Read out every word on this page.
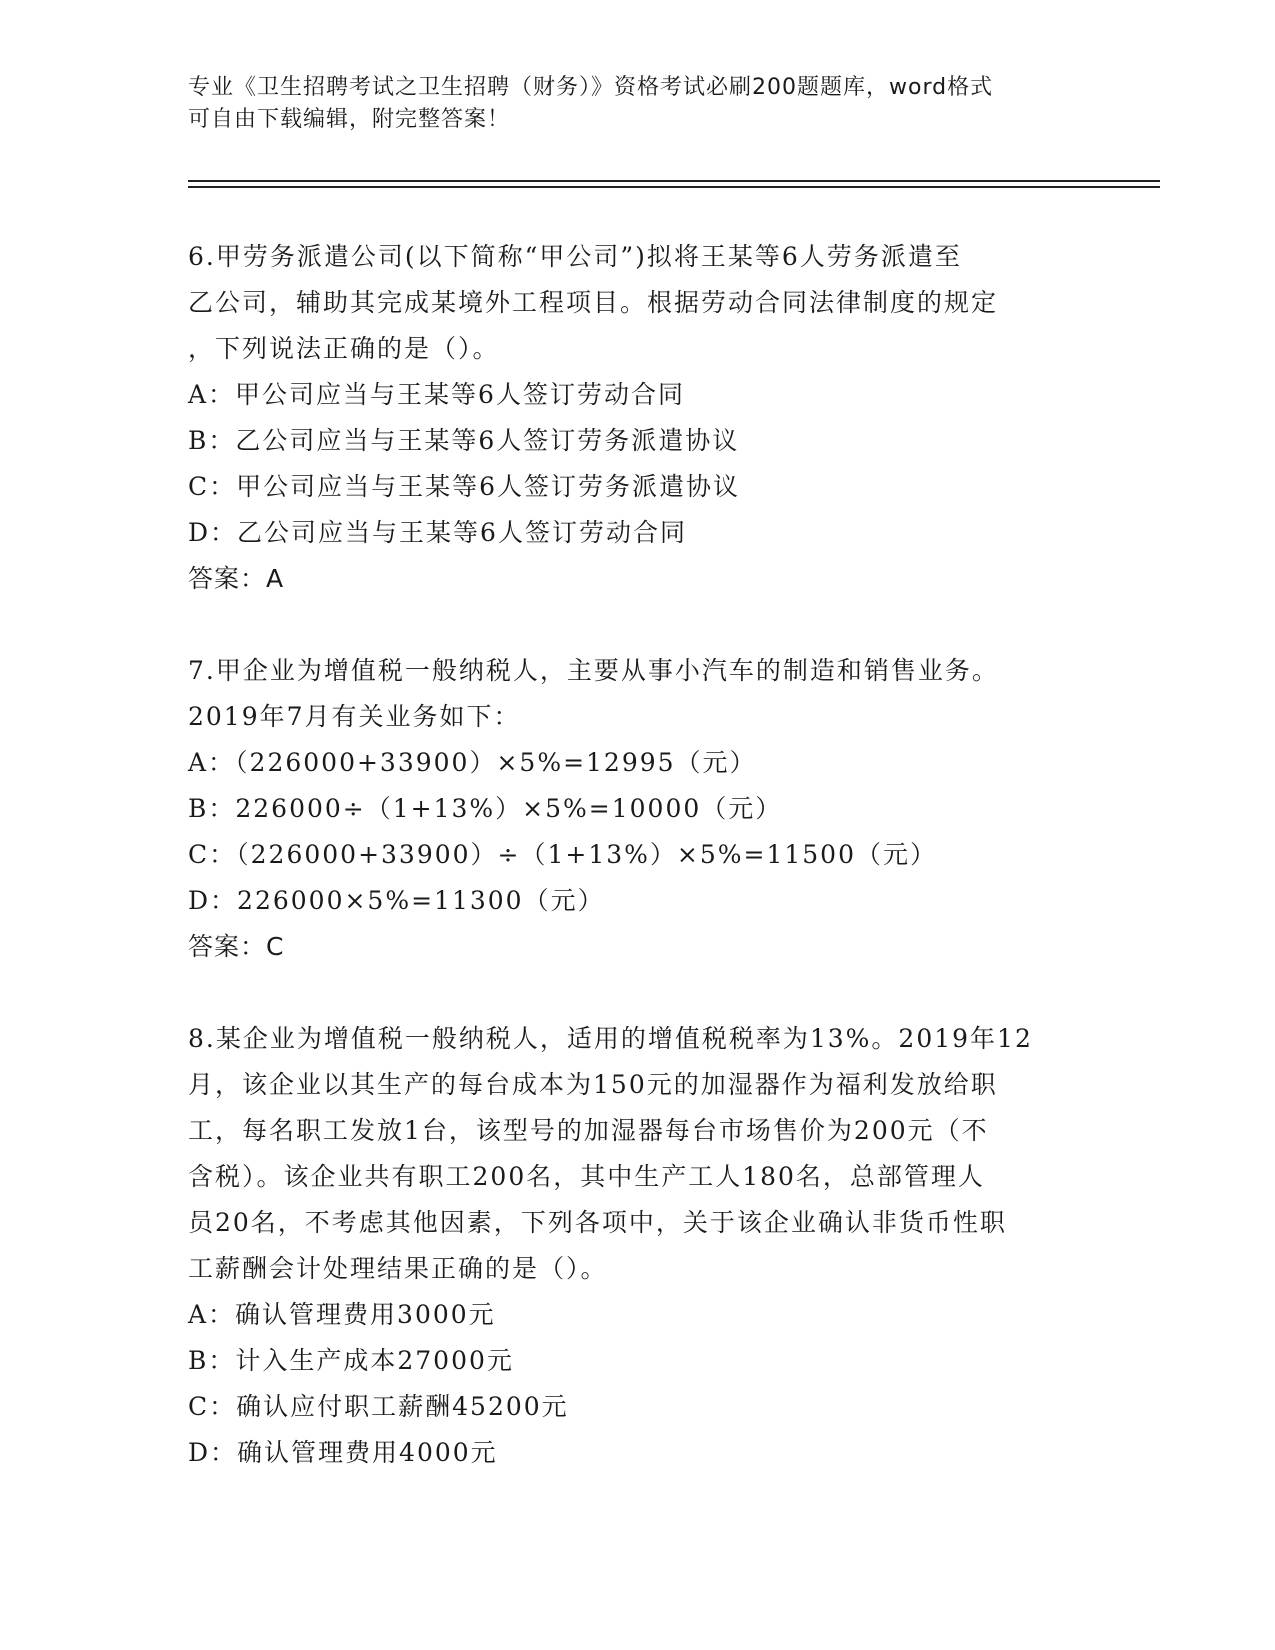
专业《卫生招聘考试之卫生招聘（财务）》资格考试必刷200题题库，word格式
可自由下载编辑，附完整答案！
6.甲劳务派遣公司(以下简称“甲公司”)拟将王某等6人劳务派遣至
乙公司，辅助其完成某境外工程项目。根据劳动合同法律制度的规定
，下列说法正确的是（）。
A：甲公司应当与王某等6人签订劳动合同
B：乙公司应当与王某等6人签订劳务派遣协议
C：甲公司应当与王某等6人签订劳务派遣协议
D：乙公司应当与王某等6人签订劳动合同
答案：A
7.甲企业为增值税一般纳税人，主要从事小汽车的制造和销售业务。
2019年7月有关业务如下：
A：（226000+33900）×5%=12995（元）
B：226000÷（1+13%）×5%=10000（元）
C：（226000+33900）÷（1+13%）×5%=11500（元）
D：226000×5%=11300（元）
答案：C
8.某企业为增值税一般纳税人，适用的增值税税率为13%。2019年12
月，该企业以其生产的每台成本为150元的加湿器作为福利发放给职
工，每名职工发放1台，该型号的加湿器每台市场售价为200元（不
含税）。该企业共有职工200名，其中生产工人180名，总部管理人
员20名，不考虑其他因素，下列各项中，关于该企业确认非货币性职
工薪酬会计处理结果正确的是（）。
A：确认管理费用3000元
B：计入生产成本27000元
C：确认应付职工薪酬45200元
D：确认管理费用4000元
